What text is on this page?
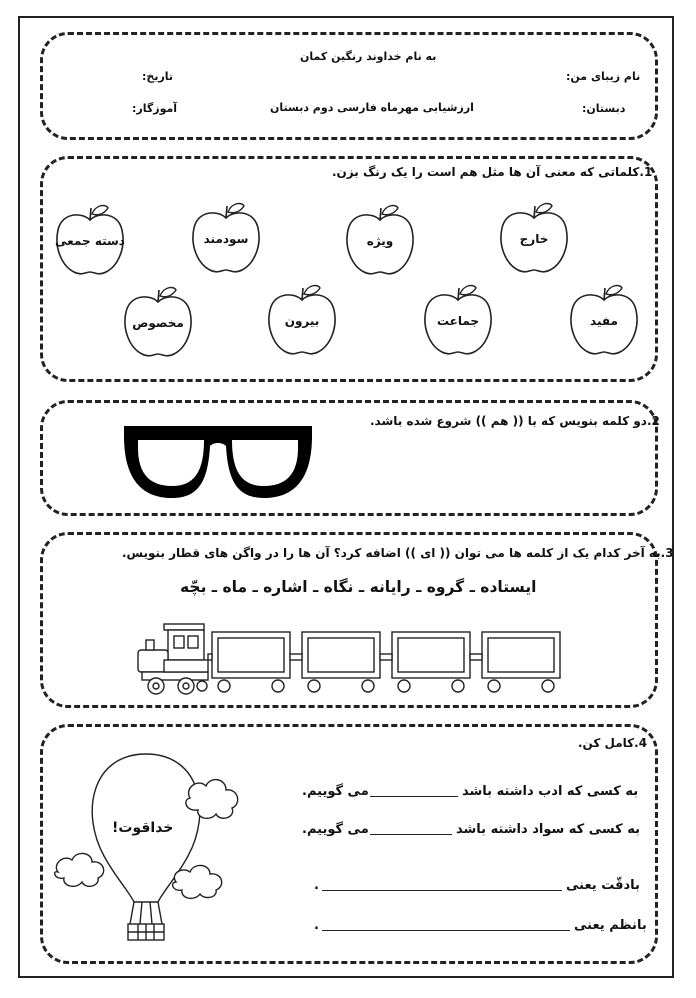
به نام خداوند رنگین کمان
نام زیبای من:
تاریخ:
دبستان:
ارزشیابی مهرماه فارسی دوم دبستان
آموزگار:
1.کلماتی که معنی آن ها مثل هم است را یک رنگ بزن.
خارج
ویژه
سودمند
دسته جمعی
مفید
جماعت
بیرون
مخصوص
2.دو کلمه بنویس که با (( هم )) شروع شده باشد.
3.به آخر کدام یک از کلمه ها می توان (( ای )) اضافه کرد؟ آن ها را در واگن های قطار بنویس.
ایستاده ـ گروه ـ رایانه ـ نگاه ـ اشاره ـ ماه ـ بچّه
4.کامل کن.
خداقوت!
به کسی که ادب داشته باشد
می گوییم.
به کسی که سواد داشته باشد
می گوییم.
بادقّت یعنی
.
بانظم یعنی
.
